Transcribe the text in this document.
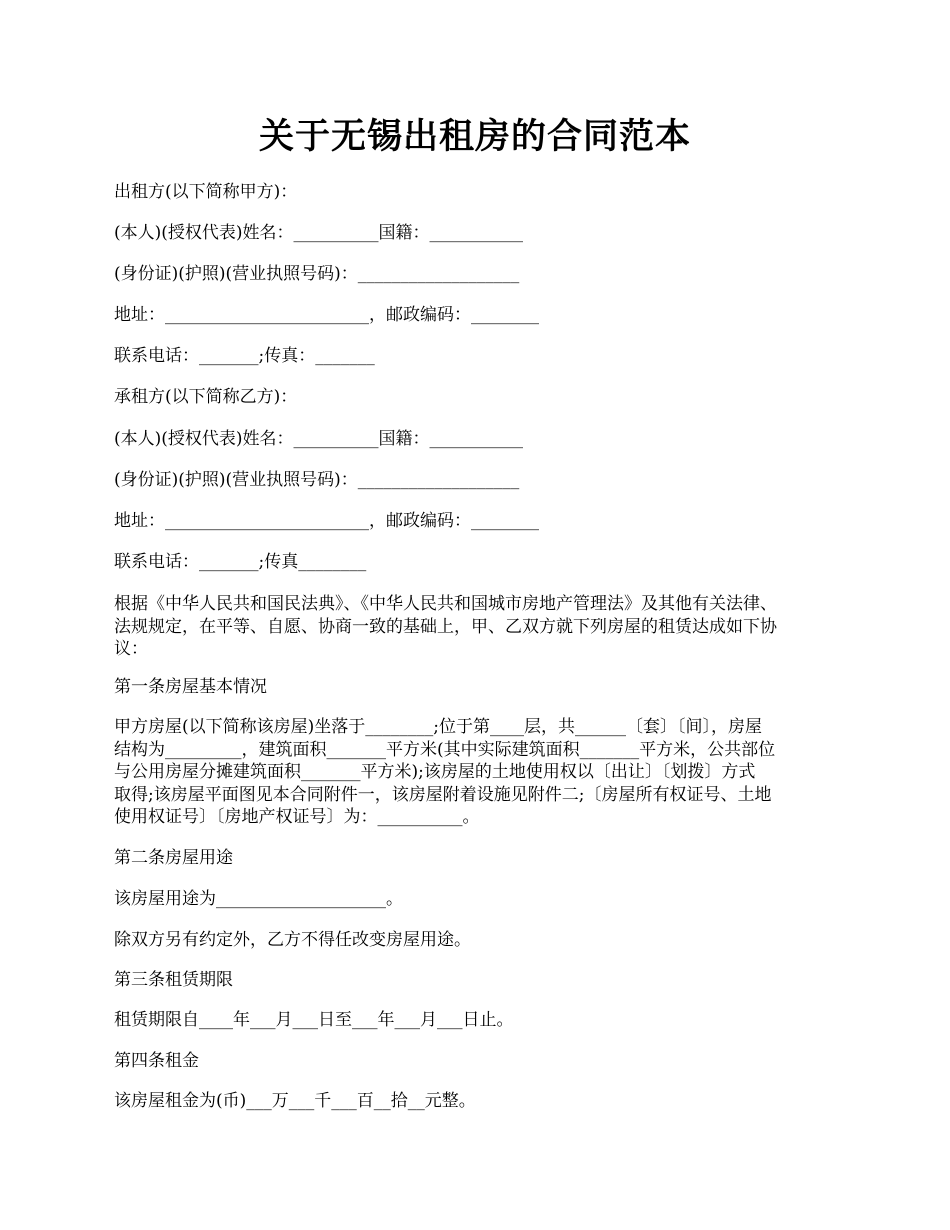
关于无锡出租房的合同范本
出租方(以下简称甲方)：
(本人)(授权代表)姓名：__________国籍：___________
(身份证)(护照)(营业执照号码)：___________________
地址：________________________，邮政编码：________
联系电话：_______;传真：_______
承租方(以下简称乙方)：
(本人)(授权代表)姓名：__________国籍：___________
(身份证)(护照)(营业执照号码)：___________________
地址：________________________，邮政编码：________
联系电话：_______;传真________
根据《中华人民共和国民法典》、《中华人民共和国城市房地产管理法》及其他有关法律、
法规规定，在平等、自愿、协商一致的基础上，甲、乙双方就下列房屋的租赁达成如下协
议：
第一条房屋基本情况
甲方房屋(以下简称该房屋)坐落于________;位于第____层，共______〔套〕〔间〕，房屋
结构为_________，建筑面积_______平方米(其中实际建筑面积_______平方米，公共部位
与公用房屋分摊建筑面积_______平方米);该房屋的土地使用权以〔出让〕〔划拨〕方式
取得;该房屋平面图见本合同附件一，该房屋附着设施见附件二;〔房屋所有权证号、土地
使用权证号〕〔房地产权证号〕为：__________。
第二条房屋用途
该房屋用途为____________________。
除双方另有约定外，乙方不得任改变房屋用途。
第三条租赁期限
租赁期限自____年___月___日至___年___月___日止。
第四条租金
该房屋租金为(币)___万___千___百__拾__元整。
